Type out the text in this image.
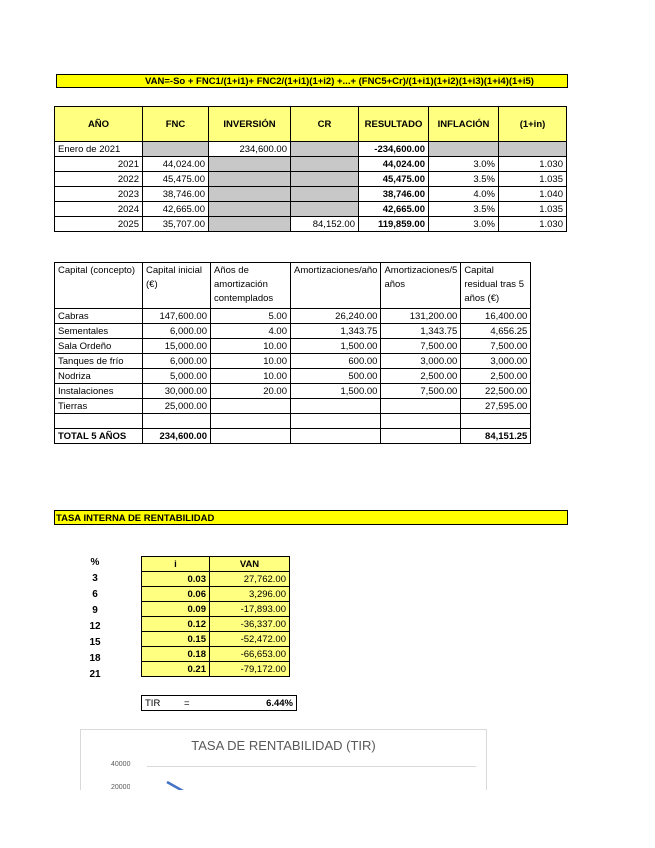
VAN=-So + FNC1/(1+i1)+ FNC2/(1+i1)(1+i2) +...+ (FNC5+Cr)/(1+i1)(1+i2)(1+i3)(1+i4)(1+i5)
AÑO	FNC	INVERSIÓN	CR	RESULTADO	INFLACIÓN	(1+in)
Enero de 2021		234,600.00		-234,600.00		
2021	44,024.00			44,024.00	3.0%	1.030
2022	45,475.00			45,475.00	3.5%	1.035
2023	38,746.00			38,746.00	4.0%	1.040
2024	42,665.00			42,665.00	3.5%	1.035
2025	35,707.00		84,152.00	119,859.00	3.0%	1.030
Capital (concepto)	Capital inicial (€)	Años de amortización contemplados	Amortizaciones/año	Amortizaciones/5 años	Capital residual tras 5 años (€)
Cabras	147,600.00	5.00	26,240.00	131,200.00	16,400.00
Sementales	6,000.00	4.00	1,343.75	1,343.75	4,656.25
Sala Ordeño	15,000.00	10.00	1,500.00	7,500.00	7,500.00
Tanques de frío	6,000.00	10.00	600.00	3,000.00	3,000.00
Nodriza	5,000.00	10.00	500.00	2,500.00	2,500.00
Instalaciones	30,000.00	20.00	1,500.00	7,500.00	22,500.00
Tierras	25,000.00				27,595.00

TOTAL 5 AÑOS	234,600.00				84,151.25
TASA INTERNA DE RENTABILIDAD
%
3
6
9
12
15
18
21
i	VAN
0.03	27,762.00
0.06	3,296.00
0.09	-17,893.00
0.12	-36,337.00
0.15	-52,472.00
0.18	-66,653.00
0.21	-79,172.00
TIR =	6.44%
TASA DE RENTABILIDAD (TIR)
40000
20000
